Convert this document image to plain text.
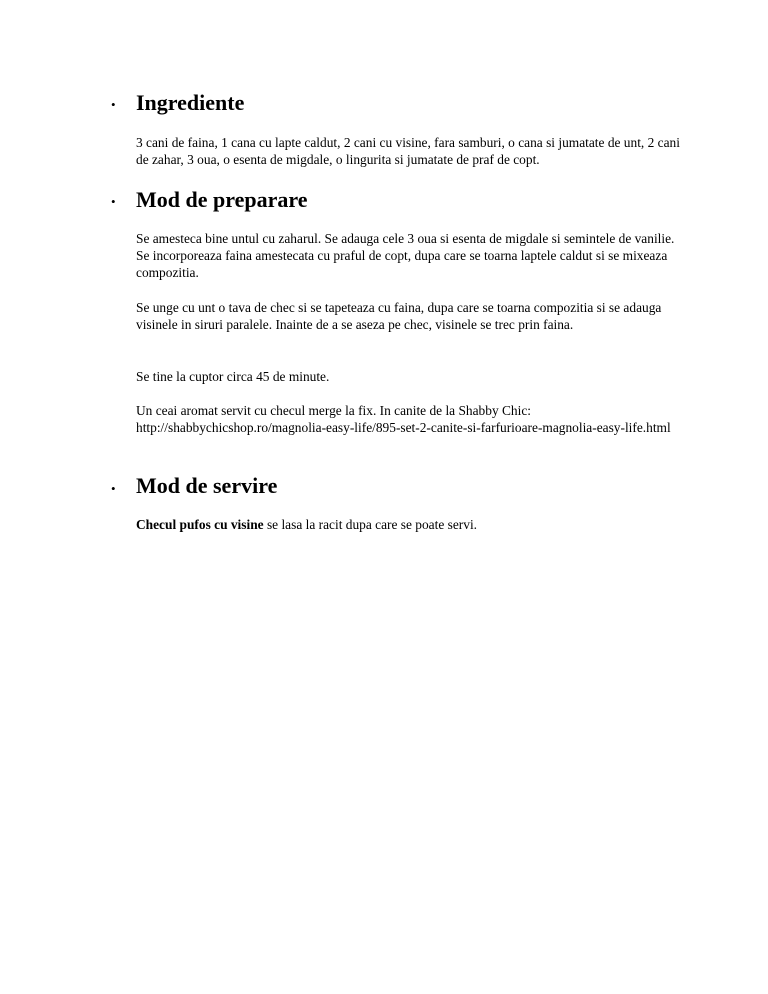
• Ingrediente

3 cani de faina, 1 cana cu lapte caldut, 2 cani cu visine, fara samburi, o cana si jumatate de unt, 2 cani de zahar, 3 oua, o esenta de migdale, o lingurita si jumatate de praf de copt.

• Mod de preparare

Se amesteca bine untul cu zaharul. Se adauga cele 3 oua si esenta de migdale si semintele de vanilie. Se incorporeaza faina amestecata cu praful de copt, dupa care se toarna laptele caldut si se mixeaza compozitia.

Se unge cu unt o tava de chec si se tapeteaza cu faina, dupa care se toarna compozitia si se adauga visinele in siruri paralele. Inainte de a se aseza pe chec, visinele se trec prin faina.

Se tine la cuptor circa 45 de minute.

Un ceai aromat servit cu checul merge la fix. In canite de la Shabby Chic: http://shabbychicshop.ro/magnolia-easy-life/895-set-2-canite-si-farfurioare-magnolia-easy-life.html

• Mod de servire

Checul pufos cu visine se lasa la racit dupa care se poate servi.
